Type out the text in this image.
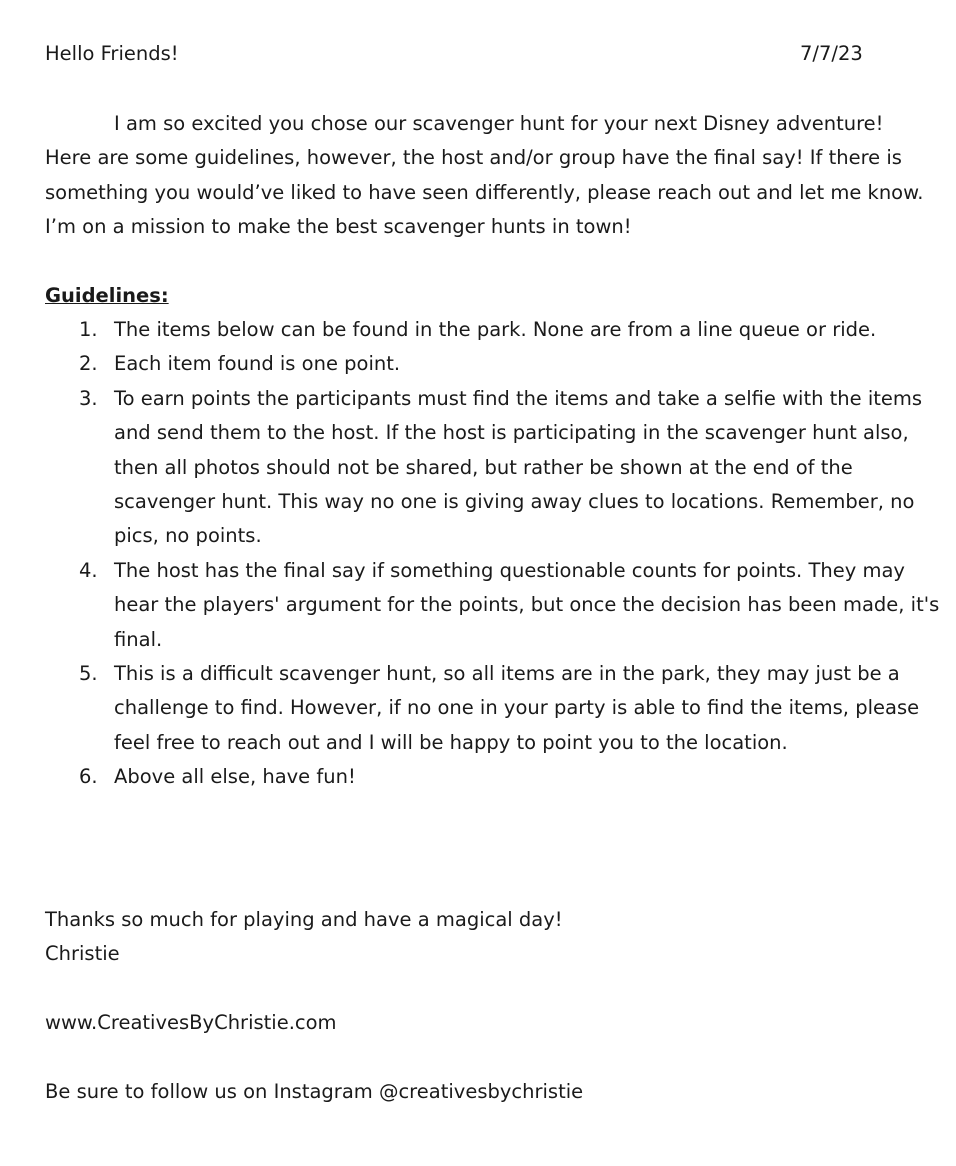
Hello Friends!	7/7/23

I am so excited you chose our scavenger hunt for your next Disney adventure! Here are some guidelines, however, the host and/or group have the final say! If there is something you would’ve liked to have seen differently, please reach out and let me know. I’m on a mission to make the best scavenger hunts in town!

Guidelines:

1. The items below can be found in the park. None are from a line queue or ride.
2. Each item found is one point.
3. To earn points the participants must find the items and take a selfie with the items and send them to the host. If the host is participating in the scavenger hunt also, then all photos should not be shared, but rather be shown at the end of the scavenger hunt. This way no one is giving away clues to locations. Remember, no pics, no points.
4. The host has the final say if something questionable counts for points. They may hear the players' argument for the points, but once the decision has been made, it's final.
5. This is a difficult scavenger hunt, so all items are in the park, they may just be a challenge to find. However, if no one in your party is able to find the items, please feel free to reach out and I will be happy to point you to the location.
6. Above all else, have fun!

Thanks so much for playing and have a magical day!

Christie

www.CreativesByChristie.com

Be sure to follow us on Instagram @creativesbychristie
